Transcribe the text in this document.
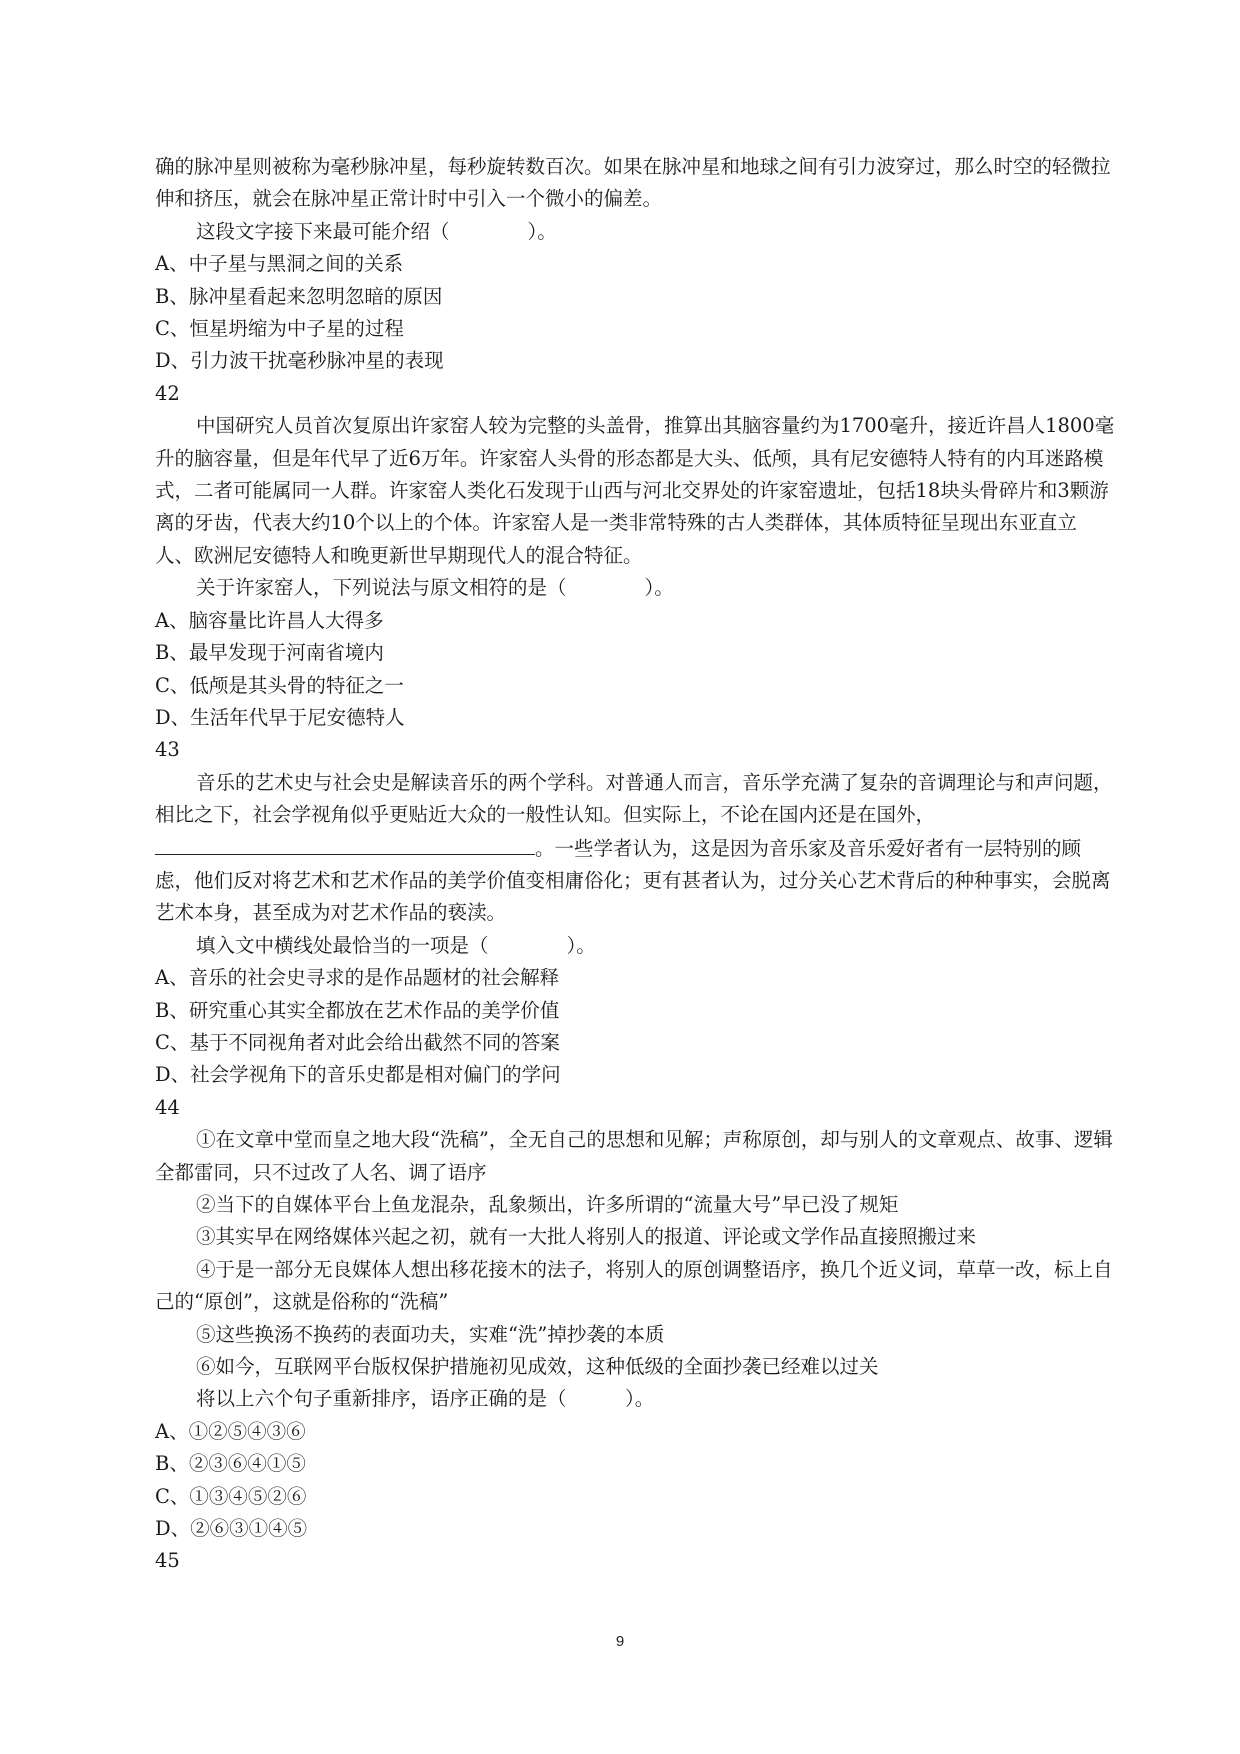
确的脉冲星则被称为毫秒脉冲星，每秒旋转数百次。如果在脉冲星和地球之间有引力波穿过，那么时空的轻微拉伸和挤压，就会在脉冲星正常计时中引入一个微小的偏差。

这段文字接下来最可能介绍（　　　　）。

A、中子星与黑洞之间的关系

B、脉冲星看起来忽明忽暗的原因

C、恒星坍缩为中子星的过程

D、引力波干扰毫秒脉冲星的表现

42

中国研究人员首次复原出许家窑人较为完整的头盖骨，推算出其脑容量约为1700毫升，接近许昌人1800毫升的脑容量，但是年代早了近6万年。许家窑人头骨的形态都是大头、低颅，具有尼安德特人特有的内耳迷路模式，二者可能属同一人群。许家窑人类化石发现于山西与河北交界处的许家窑遗址，包括18块头骨碎片和3颗游离的牙齿，代表大约10个以上的个体。许家窑人是一类非常特殊的古人类群体，其体质特征呈现出东亚直立人、欧洲尼安德特人和晚更新世早期现代人的混合特征。

关于许家窑人，下列说法与原文相符的是（　　　　）。

A、脑容量比许昌人大得多

B、最早发现于河南省境内

C、低颅是其头骨的特征之一

D、生活年代早于尼安德特人

43

音乐的艺术史与社会史是解读音乐的两个学科。对普通人而言，音乐学充满了复杂的音调理论与和声问题，相比之下，社会学视角似乎更贴近大众的一般性认知。但实际上，不论在国内还是在国外，。一些学者认为，这是因为音乐家及音乐爱好者有一层特别的顾虑，他们反对将艺术和艺术作品的美学价值变相庸俗化；更有甚者认为，过分关心艺术背后的种种事实，会脱离艺术本身，甚至成为对艺术作品的亵渎。

填入文中横线处最恰当的一项是（　　　　）。

A、音乐的社会史寻求的是作品题材的社会解释

B、研究重心其实全都放在艺术作品的美学价值

C、基于不同视角者对此会给出截然不同的答案

D、社会学视角下的音乐史都是相对偏门的学问

44

①在文章中堂而皇之地大段“洗稿”，全无自己的思想和见解；声称原创，却与别人的文章观点、故事、逻辑全都雷同，只不过改了人名、调了语序

②当下的自媒体平台上鱼龙混杂，乱象频出，许多所谓的“流量大号”早已没了规矩

③其实早在网络媒体兴起之初，就有一大批人将别人的报道、评论或文学作品直接照搬过来

④于是一部分无良媒体人想出移花接木的法子，将别人的原创调整语序，换几个近义词，草草一改，标上自己的“原创”，这就是俗称的“洗稿”

⑤这些换汤不换药的表面功夫，实难“洗”掉抄袭的本质

⑥如今，互联网平台版权保护措施初见成效，这种低级的全面抄袭已经难以过关

将以上六个句子重新排序，语序正确的是（　　　）。

A、①②⑤④③⑥

B、②③⑥④①⑤

C、①③④⑤②⑥

D、②⑥③①④⑤

45

9
